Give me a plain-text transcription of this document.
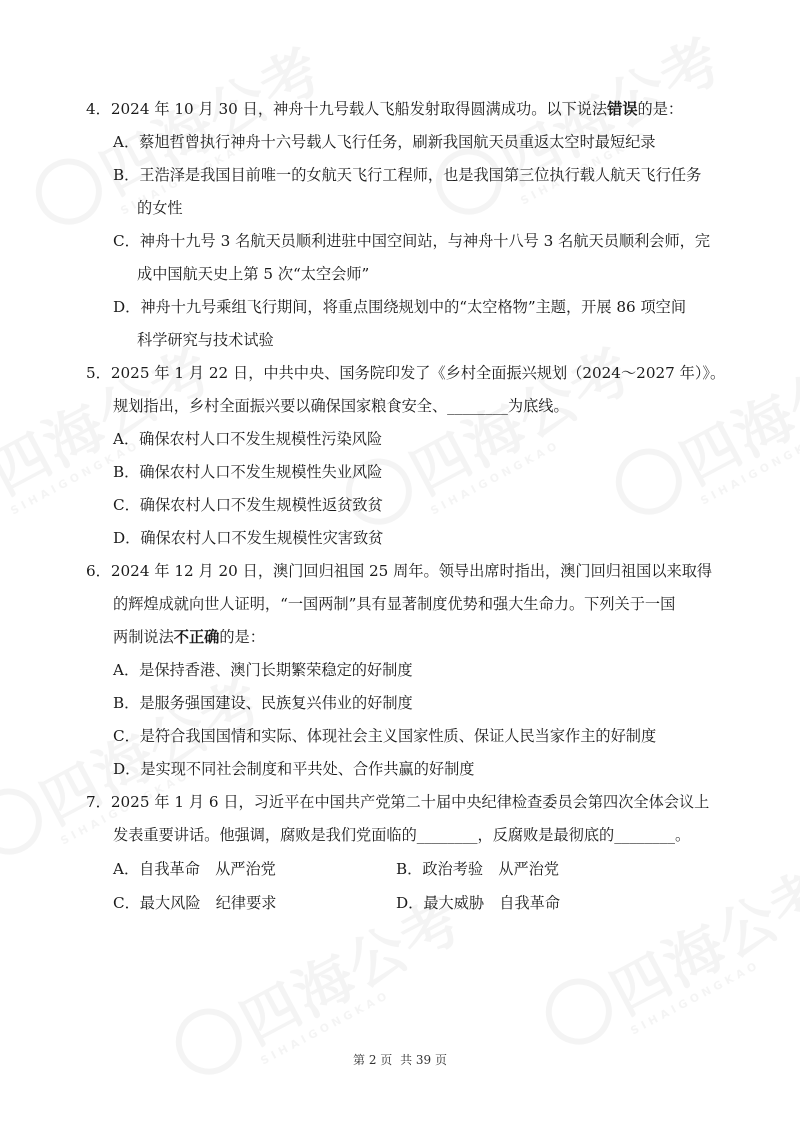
4．2024 年 10 月 30 日，神舟十九号载人飞船发射取得圆满成功。以下说法错误的是：
A．蔡旭哲曾执行神舟十六号载人飞行任务，刷新我国航天员重返太空时最短纪录
B．王浩泽是我国目前唯一的女航天飞行工程师，也是我国第三位执行载人航天飞行任务
的女性
C．神舟十九号 3 名航天员顺利进驻中国空间站，与神舟十八号 3 名航天员顺利会师，完
成中国航天史上第 5 次“太空会师”
D．神舟十九号乘组飞行期间，将重点围绕规划中的“太空格物”主题，开展 86 项空间
科学研究与技术试验
5．2025 年 1 月 22 日，中共中央、国务院印发了《乡村全面振兴规划（2024～2027 年）》。
规划指出，乡村全面振兴要以确保国家粮食安全、________为底线。
A．确保农村人口不发生规模性污染风险
B．确保农村人口不发生规模性失业风险
C．确保农村人口不发生规模性返贫致贫
D．确保农村人口不发生规模性灾害致贫
6．2024 年 12 月 20 日，澳门回归祖国 25 周年。领导出席时指出，澳门回归祖国以来取得
的辉煌成就向世人证明，“一国两制”具有显著制度优势和强大生命力。下列关于一国
两制说法不正确的是：
A．是保持香港、澳门长期繁荣稳定的好制度
B．是服务强国建设、民族复兴伟业的好制度
C．是符合我国国情和实际、体现社会主义国家性质、保证人民当家作主的好制度
D．是实现不同社会制度和平共处、合作共赢的好制度
7．2025 年 1 月 6 日，习近平在中国共产党第二十届中央纪律检查委员会第四次全体会议上
发表重要讲话。他强调，腐败是我们党面临的________，反腐败是最彻底的________。
A．自我革命　从严治党	B．政治考验　从严治党
C．最大风险　纪律要求	D．最大威胁　自我革命
第 2 页 共 39 页
